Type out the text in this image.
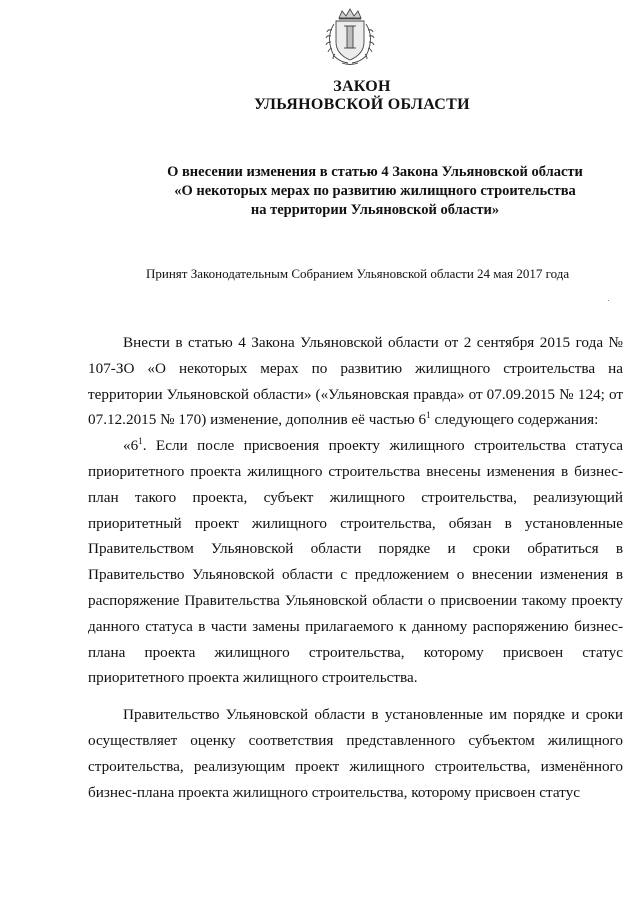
ЗАКОН
УЛЬЯНОВСКОЙ ОБЛАСТИ
О внесении изменения в статью 4 Закона Ульяновской области
«О некоторых мерах по развитию жилищного строительства
на территории Ульяновской области»
Принят Законодательным Собранием Ульяновской области 24 мая 2017 года

Внести в статью 4 Закона Ульяновской области от 2 сентября 2015 года № 107-ЗО «О некоторых мерах по развитию жилищного строительства на территории Ульяновской области» («Ульяновская правда» от 07.09.2015 № 124; от 07.12.2015 № 170) изменение, дополнив её частью $6^1$ следующего содержания:

«$6^1$. Если после присвоения проекту жилищного строительства статуса приоритетного проекта жилищного строительства внесены изменения в бизнес-план такого проекта, субъект жилищного строительства, реализующий приоритетный проект жилищного строительства, обязан в установленные Правительством Ульяновской области порядке и сроки обратиться в Правительство Ульяновской области с предложением о внесении изменения в распоряжение Правительства Ульяновской области о присвоении такому проекту данного статуса в части замены прилагаемого к данному распоряжению бизнес-плана проекта жилищного строительства, которому присвоен статус приоритетного проекта жилищного строительства.

Правительство Ульяновской области в установленные им порядке и сроки осуществляет оценку соответствия представленного субъектом жилищного строительства, реализующим проект жилищного строительства, изменённого бизнес-плана проекта жилищного строительства, которому присвоен статус
